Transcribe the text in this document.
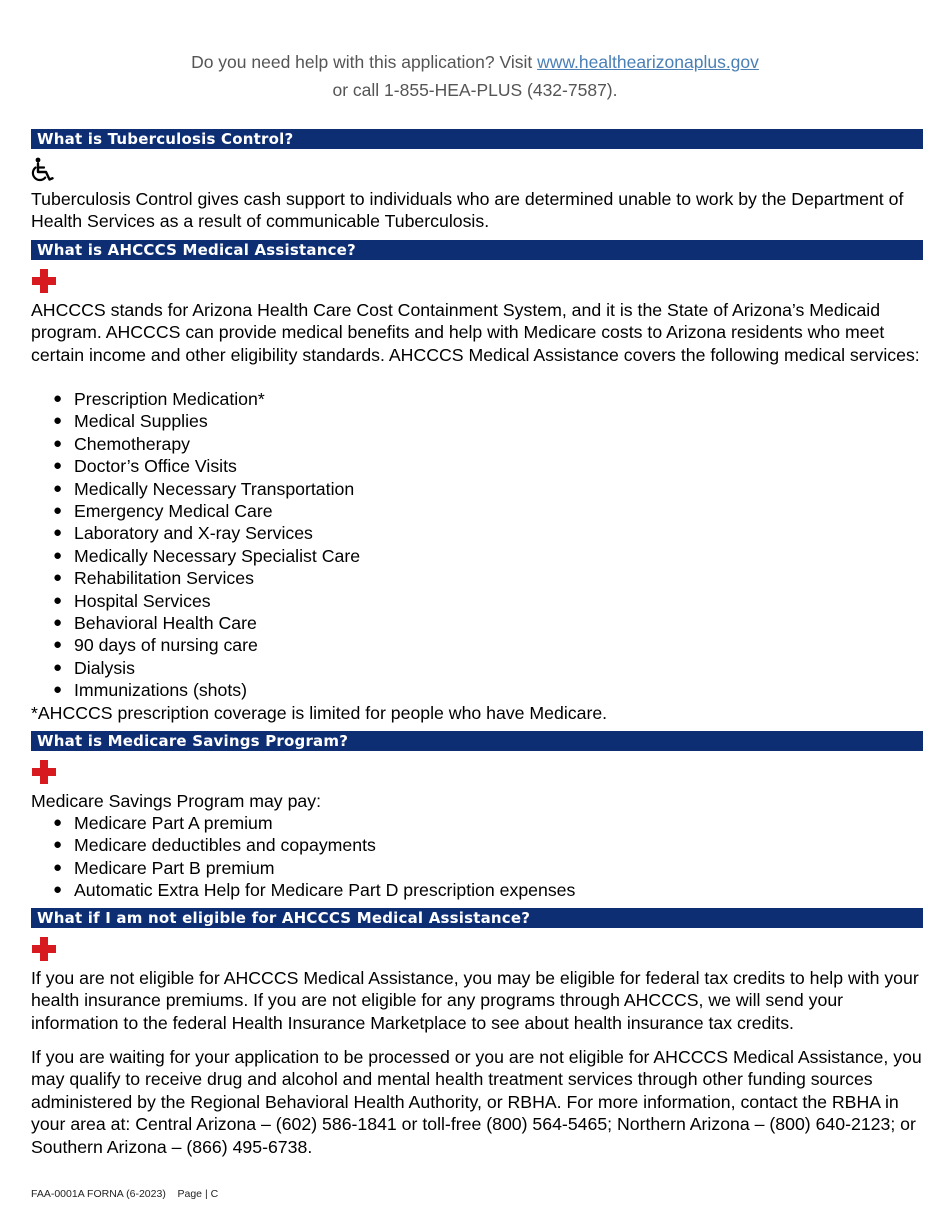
Do you need help with this application? Visit www.healthearizonaplus.gov
or call 1-855-HEA-PLUS (432-7587).
What is Tuberculosis Control?

Tuberculosis Control gives cash support to individuals who are determined unable to work by the Department of Health Services as a result of communicable Tuberculosis.

What is AHCCCS Medical Assistance?

AHCCCS stands for Arizona Health Care Cost Containment System, and it is the State of Arizona’s Medicaid program. AHCCCS can provide medical benefits and help with Medicare costs to Arizona residents who meet certain income and other eligibility standards. AHCCCS Medical Assistance covers the following medical services:

● Prescription Medication*
● Medical Supplies
● Chemotherapy
● Doctor’s Office Visits
● Medically Necessary Transportation
● Emergency Medical Care
● Laboratory and X-ray Services
● Medically Necessary Specialist Care
● Rehabilitation Services
● Hospital Services
● Behavioral Health Care
● 90 days of nursing care
● Dialysis
● Immunizations (shots)

*AHCCCS prescription coverage is limited for people who have Medicare.

What is Medicare Savings Program?

Medicare Savings Program may pay:

● Medicare Part A premium
● Medicare deductibles and copayments
● Medicare Part B premium
● Automatic Extra Help for Medicare Part D prescription expenses
What if I am not eligible for AHCCCS Medical Assistance?

If you are not eligible for AHCCCS Medical Assistance, you may be eligible for federal tax credits to help with your health insurance premiums. If you are not eligible for any programs through AHCCCS, we will send your information to the federal Health Insurance Marketplace to see about health insurance tax credits.

If you are waiting for your application to be processed or you are not eligible for AHCCCS Medical Assistance, you may qualify to receive drug and alcohol and mental health treatment services through other funding sources administered by the Regional Behavioral Health Authority, or RBHA. For more information, contact the RBHA in your area at: Central Arizona – (602) 586-1841 or toll-free (800) 564-5465; Northern Arizona – (800) 640-2123; or Southern Arizona – (866) 495-6738.

FAA-0001A FORNA (6-2023) Page | C
